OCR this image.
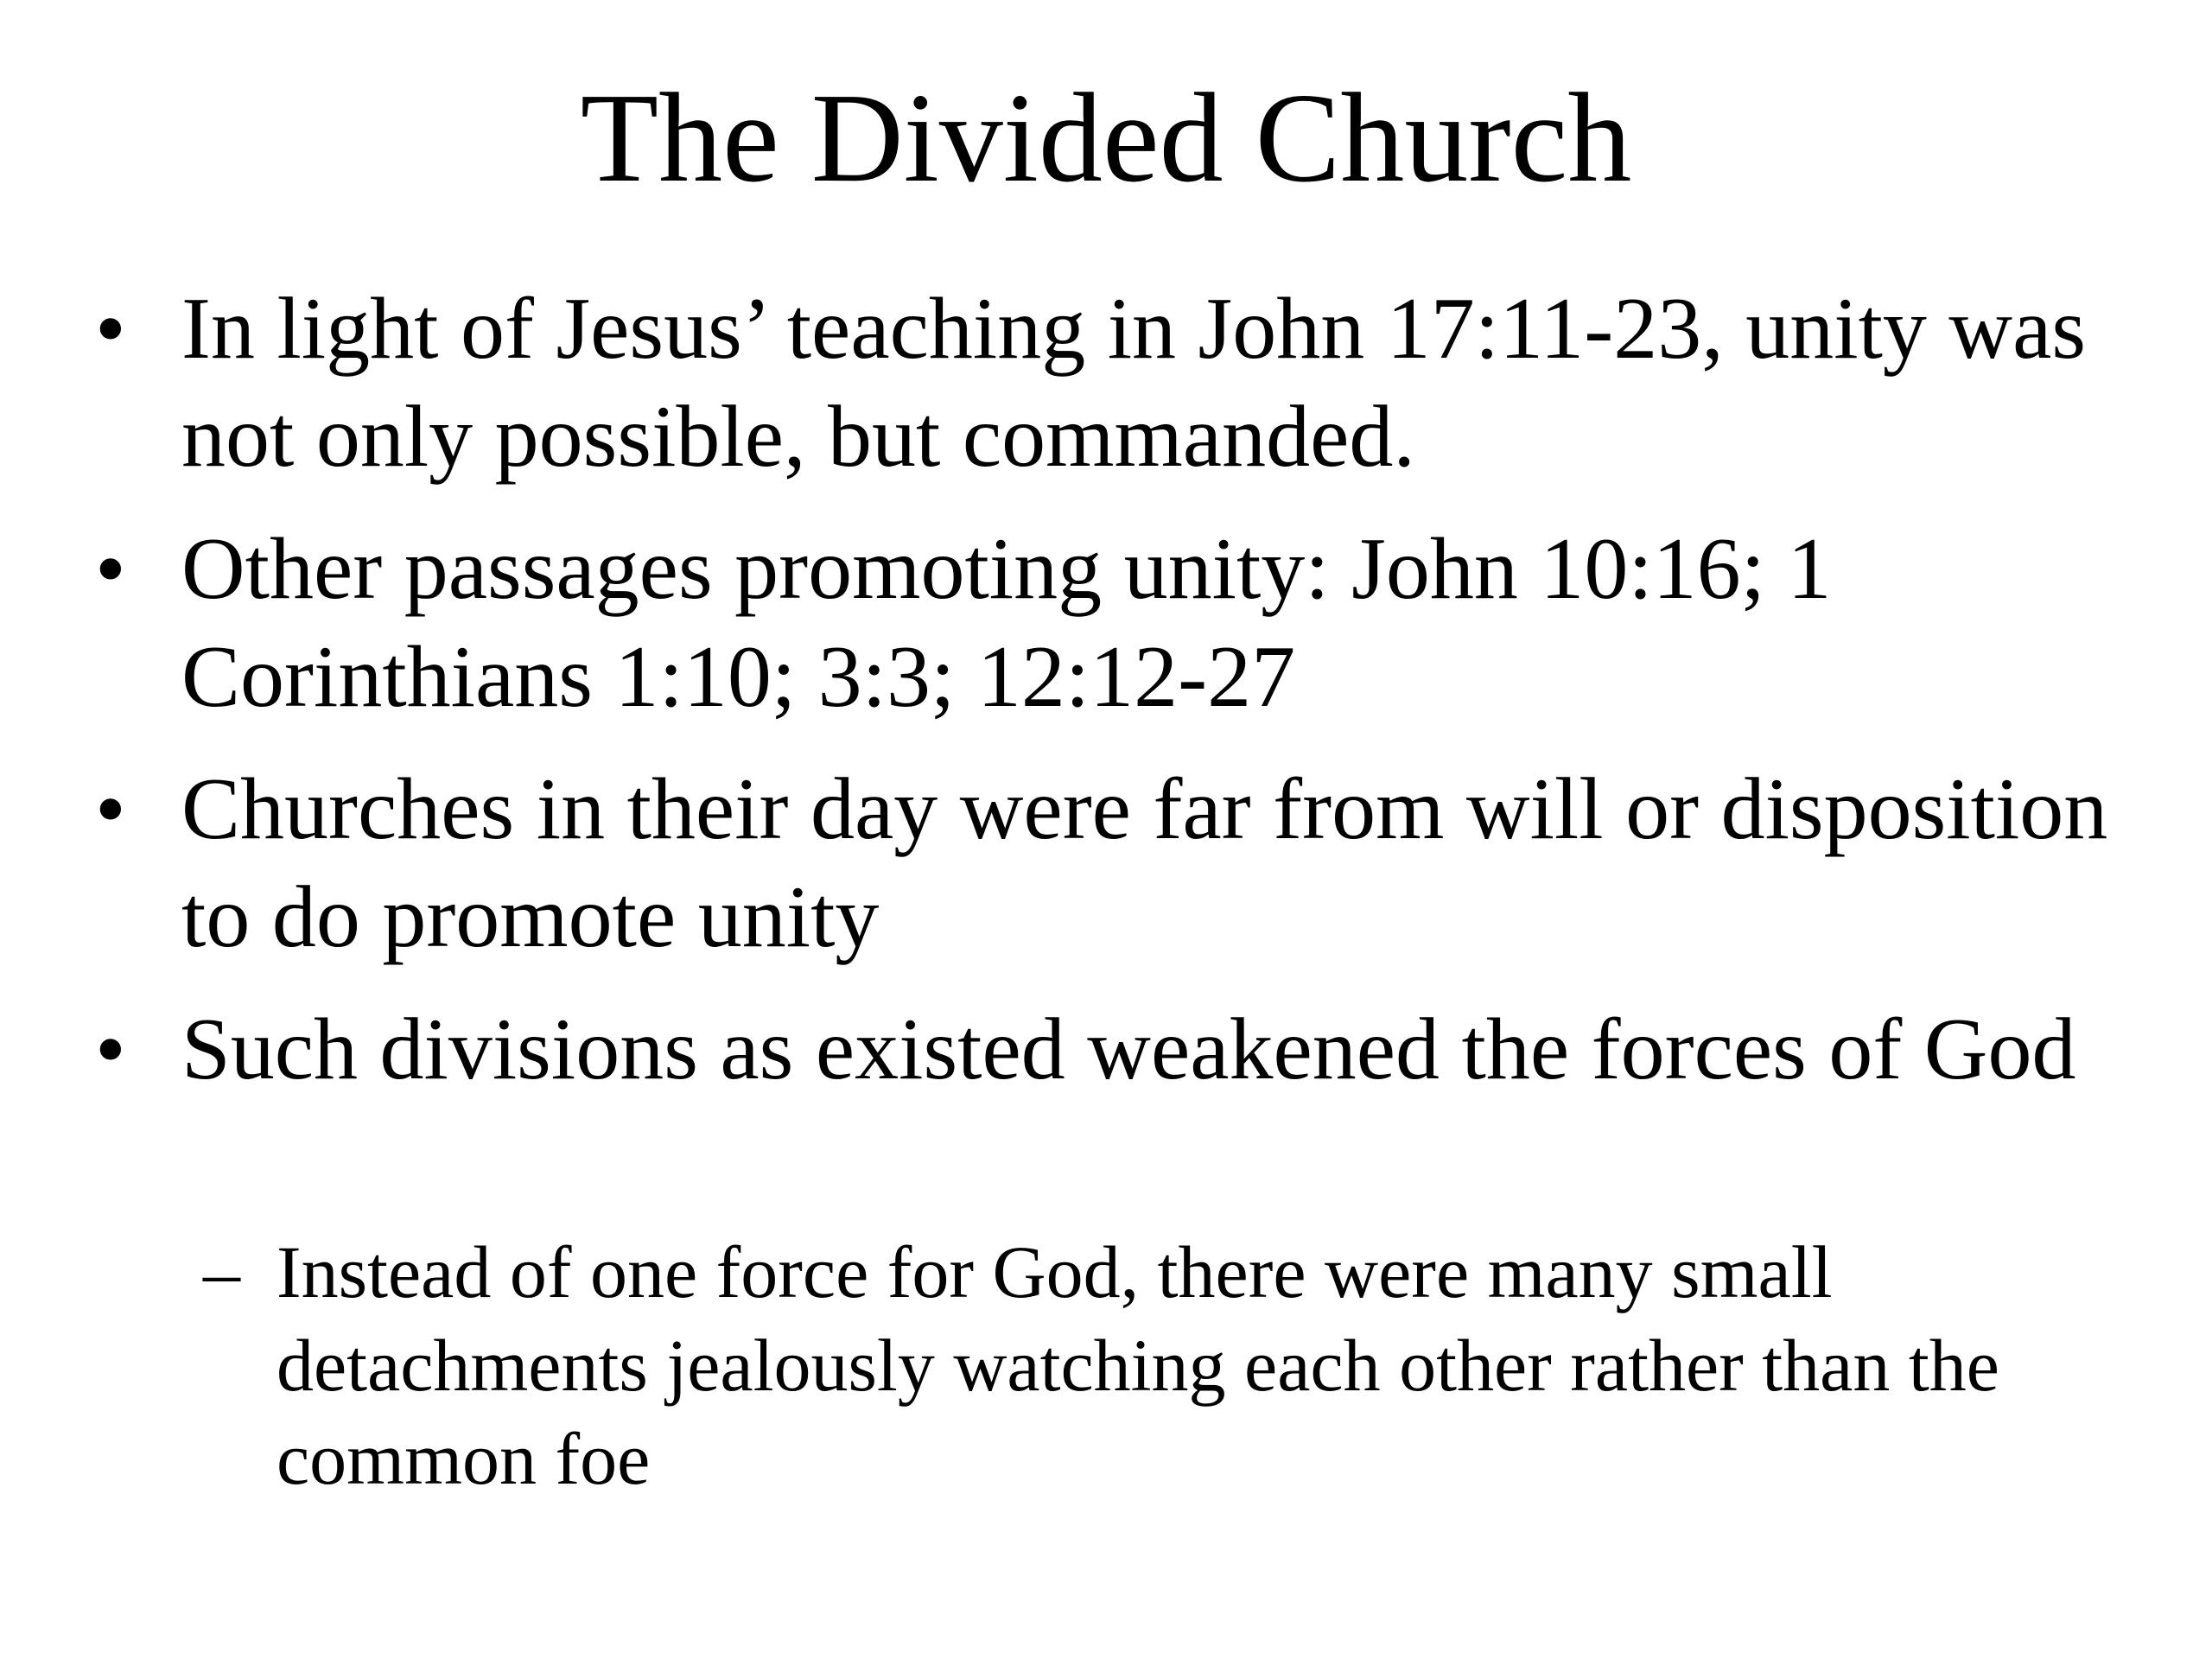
The Divided Church
• In light of Jesus’ teaching in John 17:11-23, unity was not only possible, but commanded.
• Other passages promoting unity: John 10:16; 1 Corinthians 1:10; 3:3; 12:12-27
• Churches in their day were far from will or disposition to do promote unity
• Such divisions as existed weakened the forces of God
– Instead of one force for God, there were many small detachments jealously watching each other rather than the common foe
